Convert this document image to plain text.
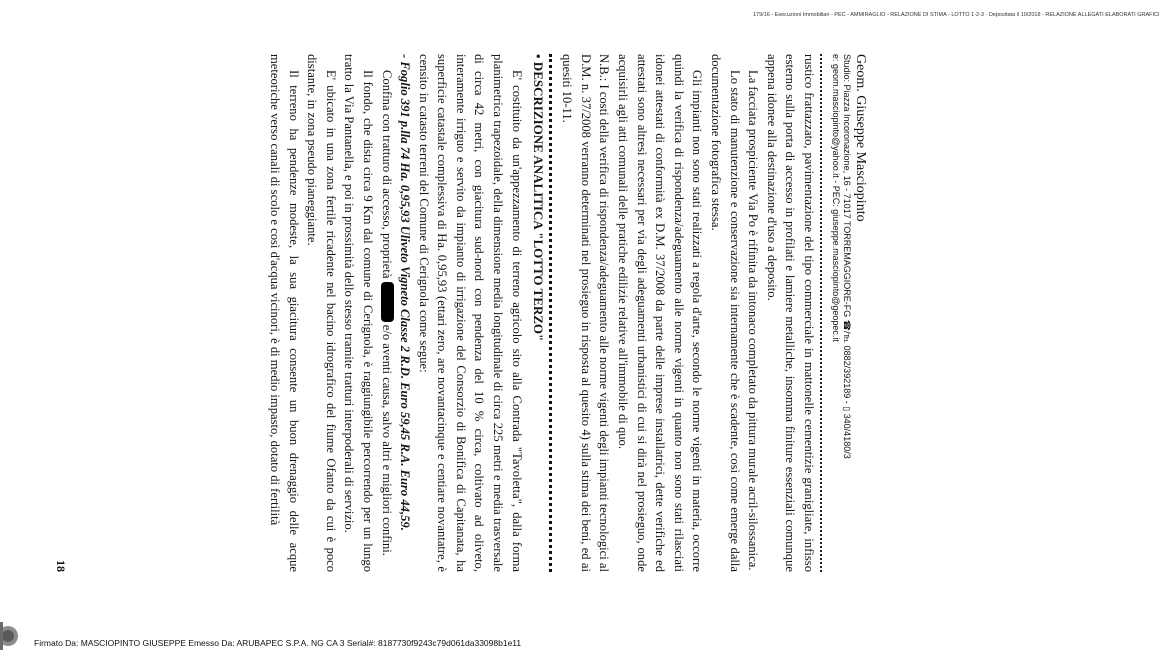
Geom. Giuseppe Masciopinto
Studio: Piazza Incoronazione, 16 - 71017 TORREMAGGIORE-FG ☎/℡ 0882/392189 - ▯ 340/4180/3
e: geom.masciopinto@yahoo.it - PEC: giuseppe.masciopinto@geopec.it

rustico frattazzato, pavimentazione del tipo commerciale in mattonelle cementizie granigliate, infisso esterno sulla porta di accesso in profilati e lamiere metalliche, insomma finiture essenziali comunque appena idonee alla destinazione d'uso a deposito.

La facciata prospiciente Via Po è rifinita da intonaco completato da pittura murale acril-silossanica.

Lo stato di manutenzione e conservazione sia internamente che è scadente, così come emerge dalla documentazione fotografica stessa.

Gli impianti non sono stati realizzati a regola d'arte, secondo le norme vigenti in materia, occorre quindi la verifica di rispondenza/adeguamento alle norme vigenti in quanto non sono stati rilasciati idonei attestati di conformità ex D.M. 37/2008 da parte delle imprese installatrici, dette verifiche ed attestati sono altresì necessari per via degli adeguamenti urbanistici di cui si dirà nel prosieguo, onde acquisirli agli atti comunali delle pratiche edilizie relative all'immobile di quo.

N.B.: I costi della verifica di rispondenza/adeguamento alle norme vigenti degli impianti tecnologici al D.M. n. 37/2008 verranno determinati nel prosieguo in risposta al quesito 4) sulla stima dei beni, ed ai quesiti 10-11.

• DESCRIZIONE ANALITICA "LOTTO TERZO"

E' costituito da un'appezzamento di terreno agricolo sito alla Contrada "Tavoletta", dalla forma planimetrica trapezoidale, della dimensione media longitudinale di circa 225 metri e media trasversale di circa 42 metri, con giacitura sud-nord con pendenza del 10 % circa, coltivato ad oliveto, interamente irriguo e servito da impianto di irrigazione del Consorzio di Bonifica di Capitanata, ha superficie catastale complessiva di Ha. 0,95,93 (ettari zero, are novantacinque e centiare novantatre, è censito in catasto terreni del Comune di Cerignola come segue:

- Foglio 391 p.lla 74 Ha. 0,95,93 Uliveto Vigneto Classe 2 R.D. Euro 59,45 R.A. Euro 44,59.

Confina con tratturo di accesso, proprietà  e/o aventi causa, salvo altri e migliori confini.

Il fondo, che dista circa 9 Km dal comune di Cerignola, è raggiungibile percorrendo per un lungo tratto la Via Pantanella, e poi in prossimità dello stesso tramite tratturi interpoderali di servizio.

E' ubicato in una zona fertile ricadente nel bacino idrografico del fiume Ofanto da cui è poco distante, in zona pseudo pianeggiante.

Il terreno ha pendenze modeste, la sua giacitura consente un buon drenaggio delle acque meteoriche verso canali di scolo e così d'acqua vicinori, è di medio impasto, dotato di fertilità

18
179/16 - Esecuzioni Immobiliari - PEC - AMMIRAGLIO - RELAZIONE DI STIMA - LOTTO 1-2-3 - Depositata il 10/2018 - RELAZIONE ALLEGATI ELABORATI GRAFICI
Firmato Da: MASCIOPINTO GIUSEPPE Emesso Da: ARUBAPEC S.P.A. NG CA 3 Serial#: 8187730f9243c79d061da33098b1e11
